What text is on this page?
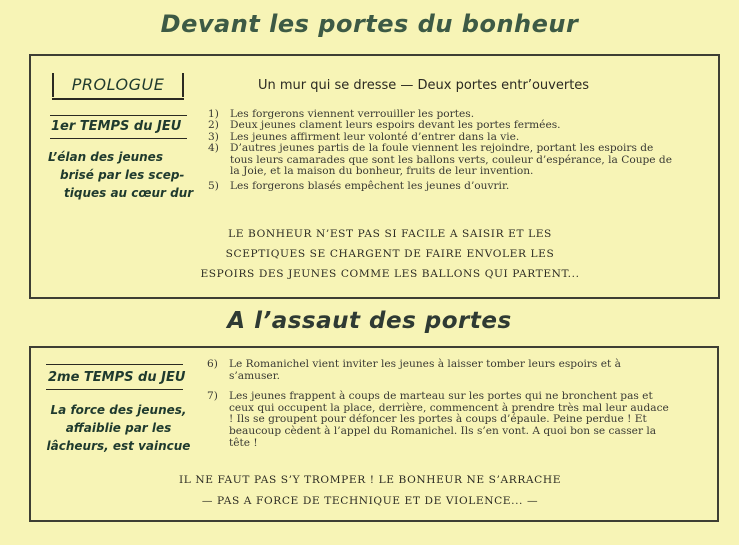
Devant les portes du bonheur
PROLOGUE
1er TEMPS du JEU
L’élan des jeunes
brisé par les scep-
tiques au cœur dur
Un mur qui se dresse — Deux portes entr’ouvertes
1) Les forgerons viennent verrouiller les portes.
2) Deux jeunes clament leurs espoirs devant les portes fermées.
3) Les jeunes affirment leur volonté d’entrer dans la vie.
4) D’autres jeunes partis de la foule viennent les rejoindre, portant les espoirs de tous leurs camarades que sont les ballons verts, couleur d’espérance, la Coupe de la Joie, et la maison du bonheur, fruits de leur invention.
5) Les forgerons blasés empêchent les jeunes d’ouvrir.
LE BONHEUR N’EST PAS SI FACILE A SAISIR ET LES
SCEPTIQUES SE CHARGENT DE FAIRE ENVOLER LES
ESPOIRS DES JEUNES COMME LES BALLONS QUI PARTENT...
A l’assaut des portes
2me TEMPS du JEU
La force des jeunes,
affaiblie par les
lâcheurs, est vaincue
6) Le Romanichel vient inviter les jeunes à laisser tomber leurs espoirs et à s’amuser.
7) Les jeunes frappent à coups de marteau sur les portes qui ne bronchent pas et ceux qui occupent la place, derrière, commencent à prendre très mal leur audace ! Ils se groupent pour défoncer les portes à coups d’épaule. Peine perdue ! Et beaucoup cèdent à l’appel du Romanichel. Ils s’en vont. A quoi bon se casser la tête !
IL NE FAUT PAS S’Y TROMPER ! LE BONHEUR NE S’ARRACHE
— PAS A FORCE DE TECHNIQUE ET DE VIOLENCE... —
